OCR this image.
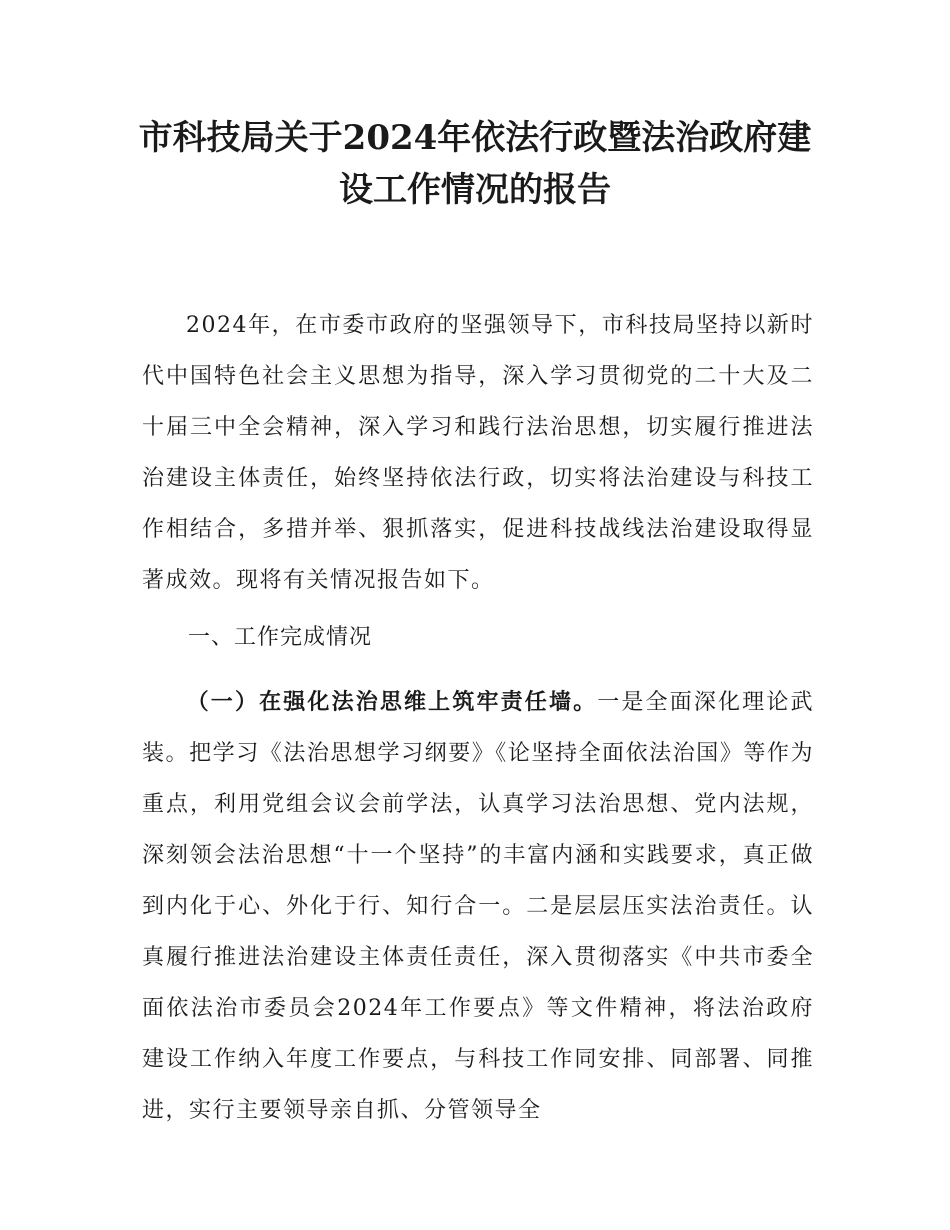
市科技局关于2024年依法行政暨法治政府建
设工作情况的报告
2024年，在市委市政府的坚强领导下，市科技局坚持以新时代中国特色社会主义思想为指导，深入学习贯彻党的二十大及二十届三中全会精神，深入学习和践行法治思想，切实履行推进法治建设主体责任，始终坚持依法行政，切实将法治建设与科技工作相结合，多措并举、狠抓落实，促进科技战线法治建设取得显著成效。现将有关情况报告如下。
一、工作完成情况
（一）在强化法治思维上筑牢责任墙。一是全面深化理论武装。把学习《法治思想学习纲要》《论坚持全面依法治国》等作为重点，利用党组会议会前学法，认真学习法治思想、党内法规，深刻领会法治思想“十一个坚持”的丰富内涵和实践要求，真正做到内化于心、外化于行、知行合一。二是层层压实法治责任。认真履行推进法治建设主体责任责任，深入贯彻落实《中共市委全面依法治市委员会2024年工作要点》等文件精神，将法治政府建设工作纳入年度工作要点，与科技工作同安排、同部署、同推进，实行主要领导亲自抓、分管领导全
